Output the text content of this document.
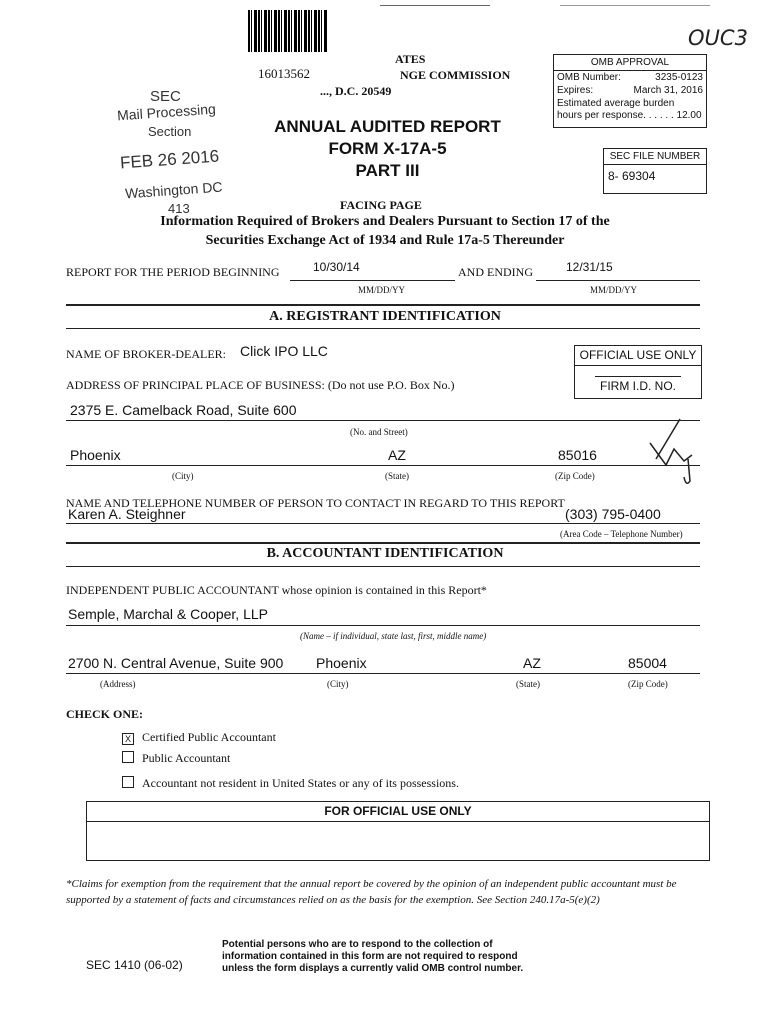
16013562
ATES
NGE COMMISSION
..., D.C. 20549
OUC3
OMB APPROVAL
OMB Number:	3235-0123
Expires:	March 31, 2016
Estimated average burden
hours per response. . . . . . 12.00
SEC FILE NUMBER
8- 69304
SEC
Mail Processing
Section
FEB 26 2016
Washington DC
413
ANNUAL AUDITED REPORT
FORM X-17A-5
PART III
FACING PAGE
Information Required of Brokers and Dealers Pursuant to Section 17 of the
Securities Exchange Act of 1934 and Rule 17a-5 Thereunder
REPORT FOR THE PERIOD BEGINNING	10/30/14
MM/DD/YY
AND ENDING	12/31/15
MM/DD/YY
A. REGISTRANT IDENTIFICATION
NAME OF BROKER-DEALER: Click IPO LLC	OFFICIAL USE ONLY
FIRM I.D. NO.
ADDRESS OF PRINCIPAL PLACE OF BUSINESS: (Do not use P.O. Box No.)
2375 E. Camelback Road, Suite 600
(No. and Street)
Phoenix	AZ	85016
(City)	(State)	(Zip Code)
NAME AND TELEPHONE NUMBER OF PERSON TO CONTACT IN REGARD TO THIS REPORT
Karen A. Steighner	(303) 795-0400
(Area Code – Telephone Number)
B. ACCOUNTANT IDENTIFICATION
INDEPENDENT PUBLIC ACCOUNTANT whose opinion is contained in this Report*
Semple, Marchal & Cooper, LLP
(Name – if individual, state last, first, middle name)
2700 N. Central Avenue, Suite 900 Phoenix	AZ	85004
(Address)	(City)	(State)	(Zip Code)
CHECK ONE:
X Certified Public Accountant
Public Accountant
Accountant not resident in United States or any of its possessions.
FOR OFFICIAL USE ONLY
*Claims for exemption from the requirement that the annual report be covered by the opinion of an independent public accountant must be supported by a statement of facts and circumstances relied on as the basis for the exemption. See Section 240.17a-5(e)(2)
SEC 1410 (06-02)
Potential persons who are to respond to the collection of
information contained in this form are not required to respond
unless the form displays a currently valid OMB control number.
